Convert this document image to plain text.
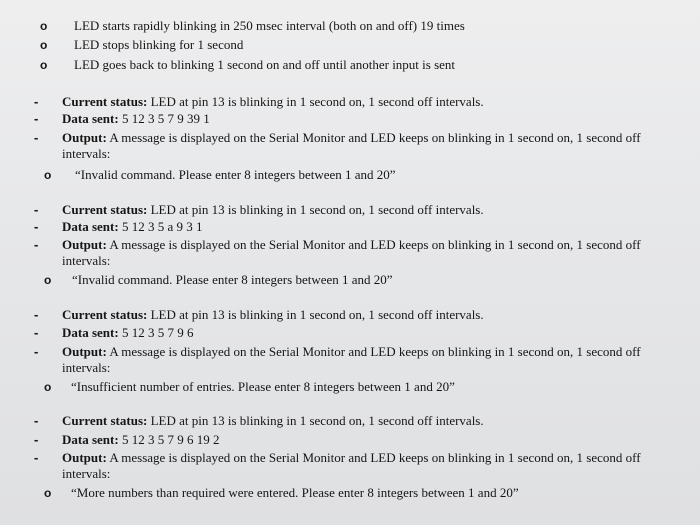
o LED starts rapidly blinking in 250 msec interval (both on and off) 19 times
o LED stops blinking for 1 second
o LED goes back to blinking 1 second on and off until another input is sent
- Current status: LED at pin 13 is blinking in 1 second on, 1 second off intervals.
- Data sent: 5 12 3 5 7 9 39 1
- Output: A message is displayed on the Serial Monitor and LED keeps on blinking in 1 second on, 1 second off
intervals:
o “Invalid command. Please enter 8 integers between 1 and 20”
- Current status: LED at pin 13 is blinking in 1 second on, 1 second off intervals.
- Data sent: 5 12 3 5 a 9 3 1
- Output: A message is displayed on the Serial Monitor and LED keeps on blinking in 1 second on, 1 second off
intervals:
o “Invalid command. Please enter 8 integers between 1 and 20”
- Current status: LED at pin 13 is blinking in 1 second on, 1 second off intervals.
- Data sent: 5 12 3 5 7 9 6
- Output: A message is displayed on the Serial Monitor and LED keeps on blinking in 1 second on, 1 second off
intervals:
o “Insufficient number of entries. Please enter 8 integers between 1 and 20”
- Current status: LED at pin 13 is blinking in 1 second on, 1 second off intervals.
- Data sent: 5 12 3 5 7 9 6 19 2
- Output: A message is displayed on the Serial Monitor and LED keeps on blinking in 1 second on, 1 second off
intervals:
o “More numbers than required were entered. Please enter 8 integers between 1 and 20”
